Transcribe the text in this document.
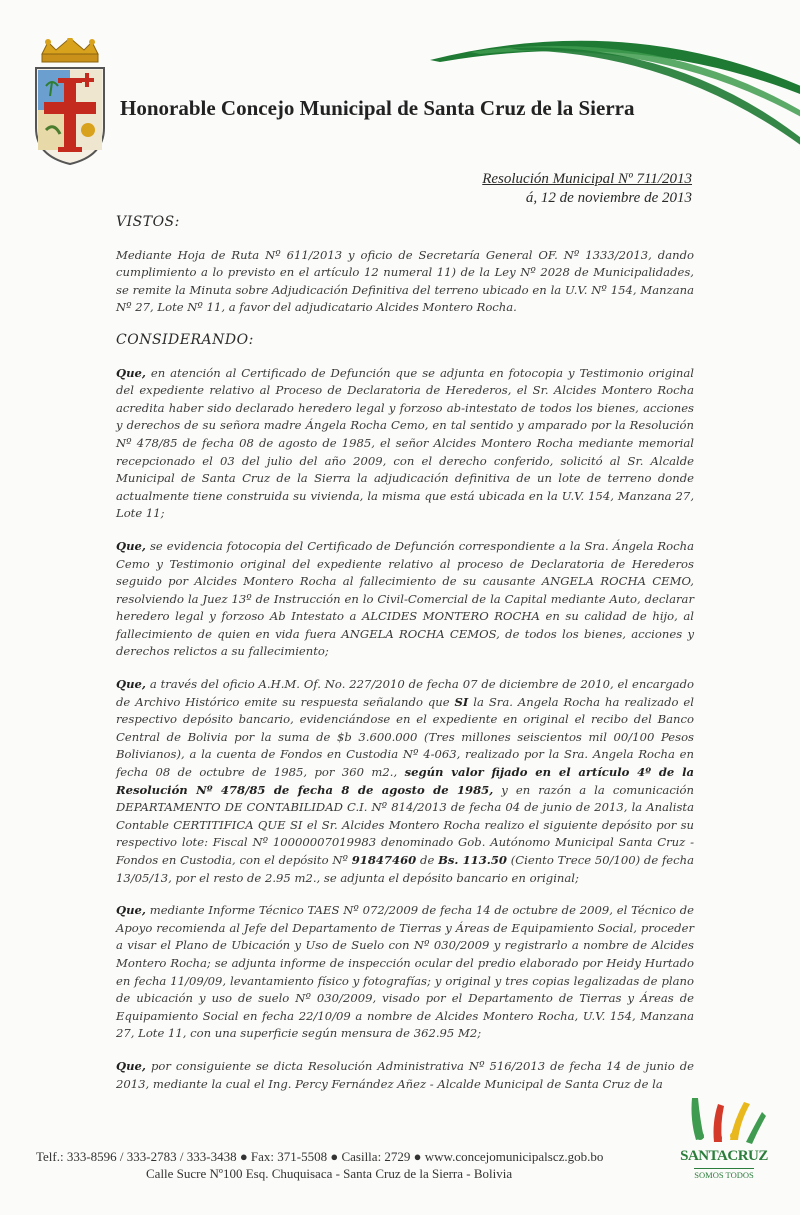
Honorable Concejo Municipal de Santa Cruz de la Sierra
Resolución Municipal Nº 711/2013
á, 12 de noviembre de 2013
VISTOS:

Mediante Hoja de Ruta Nº 611/2013 y oficio de Secretaría General OF. Nº 1333/2013, dando cumplimiento a lo previsto en el artículo 12 numeral 11) de la Ley Nº 2028 de Municipalidades, se remite la Minuta sobre Adjudicación Definitiva del terreno ubicado en la U.V. Nº 154, Manzana Nº 27, Lote Nº 11, a favor del adjudicatario Alcides Montero Rocha.

CONSIDERANDO:

Que, en atención al Certificado de Defunción que se adjunta en fotocopia y Testimonio original del expediente relativo al Proceso de Declaratoria de Herederos, el Sr. Alcides Montero Rocha acredita haber sido declarado heredero legal y forzoso ab-intestato de todos los bienes, acciones y derechos de su señora madre Ángela Rocha Cemo, en tal sentido y amparado por la Resolución Nº 478/85 de fecha 08 de agosto de 1985, el señor Alcides Montero Rocha mediante memorial recepcionado el 03 del julio del año 2009, con el derecho conferido, solicitó al Sr. Alcalde Municipal de Santa Cruz de la Sierra la adjudicación definitiva de un lote de terreno donde actualmente tiene construida su vivienda, la misma que está ubicada en la U.V. 154, Manzana 27, Lote 11;

Que, se evidencia fotocopia del Certificado de Defunción correspondiente a la Sra. Ángela Rocha Cemo y Testimonio original del expediente relativo al proceso de Declaratoria de Herederos seguido por Alcides Montero Rocha al fallecimiento de su causante ANGELA ROCHA CEMO, resolviendo la Juez 13º de Instrucción en lo Civil-Comercial de la Capital mediante Auto, declarar heredero legal y forzoso Ab Intestato a ALCIDES MONTERO ROCHA en su calidad de hijo, al fallecimiento de quien en vida fuera ANGELA ROCHA CEMOS, de todos los bienes, acciones y derechos relictos a su fallecimiento;

Que, a través del oficio A.H.M. Of. No. 227/2010 de fecha 07 de diciembre de 2010, el encargado de Archivo Histórico emite su respuesta señalando que SI la Sra. Angela Rocha ha realizado el respectivo depósito bancario, evidenciándose en el expediente en original el recibo del Banco Central de Bolivia por la suma de $b 3.600.000 (Tres millones seiscientos mil 00/100 Pesos Bolivianos), a la cuenta de Fondos en Custodia Nº 4-063, realizado por la Sra. Angela Rocha en fecha 08 de octubre de 1985, por 360 m2., según valor fijado en el artículo 4º de la Resolución Nº 478/85 de fecha 8 de agosto de 1985, y en razón a la comunicación DEPARTAMENTO DE CONTABILIDAD C.I. Nº 814/2013 de fecha 04 de junio de 2013, la Analista Contable CERTITIFICA QUE SI el Sr. Alcides Montero Rocha realizo el siguiente depósito por su respectivo lote: Fiscal Nº 10000007019983 denominado Gob. Autónomo Municipal Santa Cruz - Fondos en Custodia, con el depósito Nº 91847460 de Bs. 113.50 (Ciento Trece 50/100) de fecha 13/05/13, por el resto de 2.95 m2., se adjunta el depósito bancario en original;

Que, mediante Informe Técnico TAES Nº 072/2009 de fecha 14 de octubre de 2009, el Técnico de Apoyo recomienda al Jefe del Departamento de Tierras y Áreas de Equipamiento Social, proceder a visar el Plano de Ubicación y Uso de Suelo con Nº 030/2009 y registrarlo a nombre de Alcides Montero Rocha; se adjunta informe de inspección ocular del predio elaborado por Heidy Hurtado en fecha 11/09/09, levantamiento físico y fotografías; y original y tres copias legalizadas de plano de ubicación y uso de suelo Nº 030/2009, visado por el Departamento de Tierras y Áreas de Equipamiento Social en fecha 22/10/09 a nombre de Alcides Montero Rocha, U.V. 154, Manzana 27, Lote 11, con una superficie según mensura de 362.95 M2;

Que, por consiguiente se dicta Resolución Administrativa Nº 516/2013 de fecha 14 de junio de 2013, mediante la cual el Ing. Percy Fernández Añez - Alcalde Municipal de Santa Cruz de la

Telf.: 333-8596 / 333-2783 / 333-3438 ● Fax: 371-5508 ● Casilla: 2729 ● www.concejomunicipalscz.gob.bo
Calle Sucre Nº100 Esq. Chuquisaca - Santa Cruz de la Sierra - Bolivia
SANTACRUZ
SOMOS TODOS
